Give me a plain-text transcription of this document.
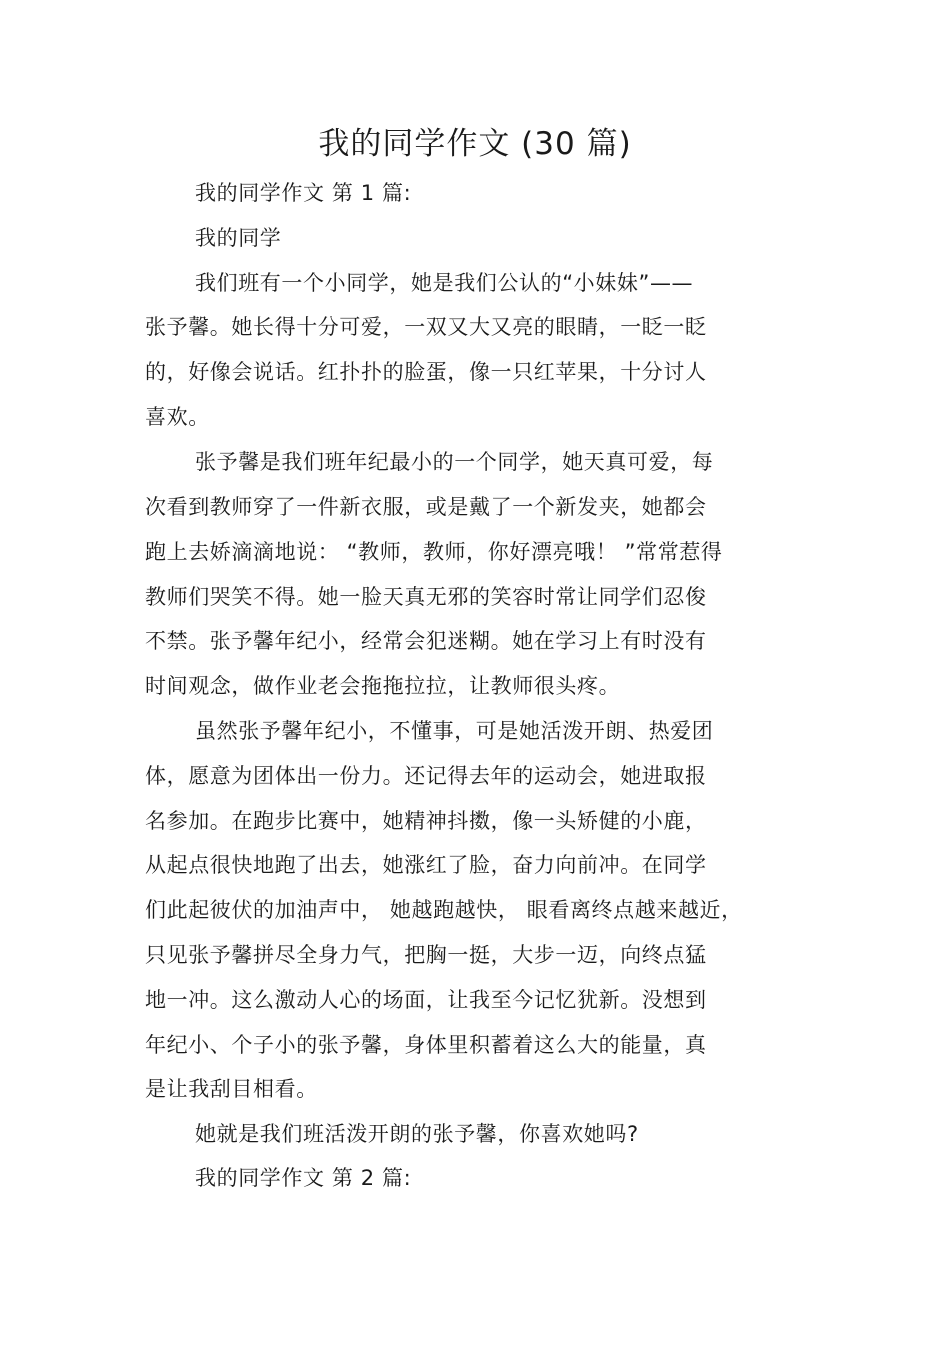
我的同学作文 (30 篇)
我的同学作文 第 1 篇:
我的同学
我们班有一个小同学，她是我们公认的“小妹妹”——
张予馨。她长得十分可爱，一双又大又亮的眼睛，一眨一眨
的，好像会说话。红扑扑的脸蛋，像一只红苹果，十分讨人
喜欢。
张予馨是我们班年纪最小的一个同学，她天真可爱，每
次看到教师穿了一件新衣服，或是戴了一个新发夹，她都会
跑上去娇滴滴地说： “教师，教师，你好漂亮哦！ ”常常惹得
教师们哭笑不得。她一脸天真无邪的笑容时常让同学们忍俊
不禁。张予馨年纪小，经常会犯迷糊。她在学习上有时没有
时间观念，做作业老会拖拖拉拉，让教师很头疼。
虽然张予馨年纪小，不懂事，可是她活泼开朗、热爱团
体，愿意为团体出一份力。还记得去年的运动会，她进取报
名参加。在跑步比赛中，她精神抖擞，像一头矫健的小鹿，
从起点很快地跑了出去，她涨红了脸，奋力向前冲。在同学
们此起彼伏的加油声中， 她越跑越快， 眼看离终点越来越近，
只见张予馨拼尽全身力气，把胸一挺，大步一迈，向终点猛
地一冲。这么激动人心的场面，让我至今记忆犹新。没想到
年纪小、个子小的张予馨，身体里积蓄着这么大的能量，真
是让我刮目相看。
她就是我们班活泼开朗的张予馨，你喜欢她吗?
我的同学作文 第 2 篇:
